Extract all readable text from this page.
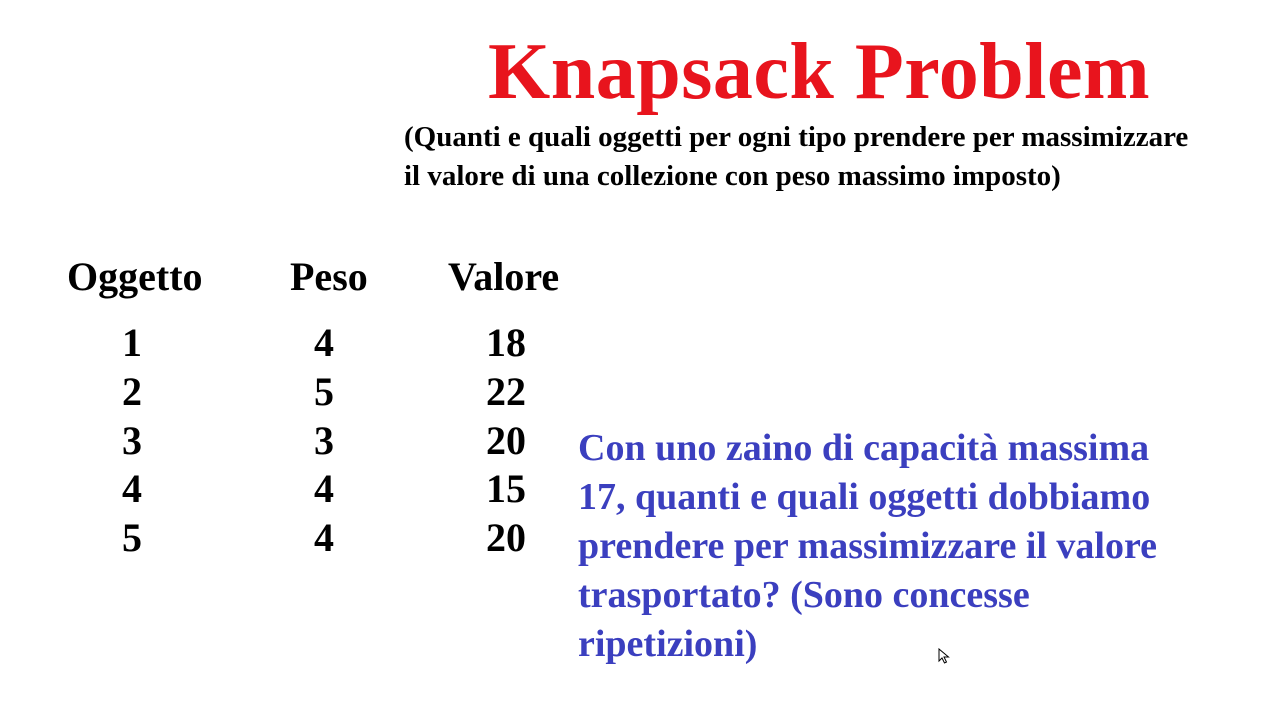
Knapsack Problem
(Quanti e quali oggetti per ogni tipo prendere per massimizzare
il valore di una collezione con peso massimo imposto)
Oggetto Peso Valore
1	4	18
2	5	22
3	3	20
4	4	15
5	4	20
Con uno zaino di capacità massima
17, quanti e quali oggetti dobbiamo
prendere per massimizzare il valore
trasportato? (Sono concesse
ripetizioni)
